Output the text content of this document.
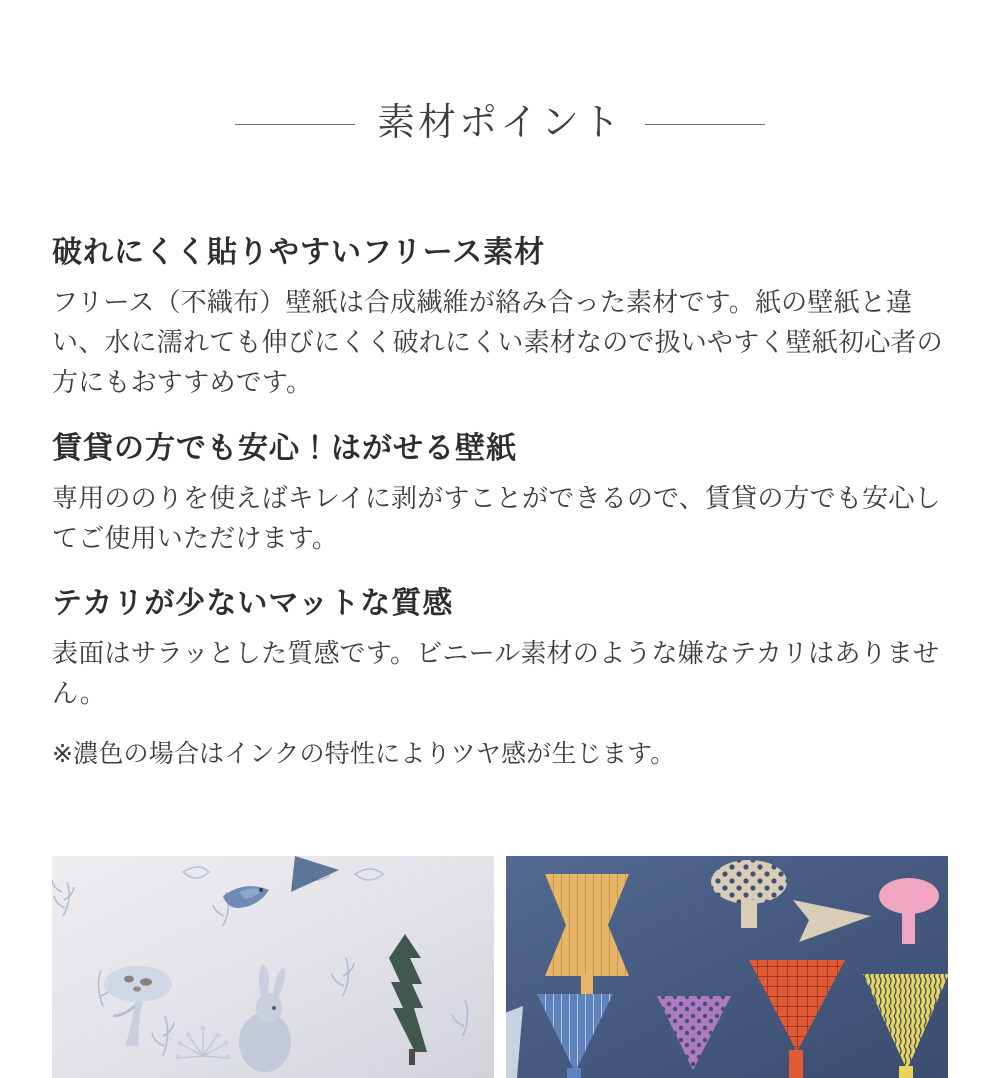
素材ポイント
破れにくく貼りやすいフリース素材

フリース（不織布）壁紙は合成繊維が絡み合った素材です。紙の壁紙と違い、水に濡れても伸びにくく破れにくい素材なので扱いやすく壁紙初心者の方にもおすすめです。

賃貸の方でも安心！はがせる壁紙

専用ののりを使えばキレイに剥がすことができるので、賃貸の方でも安心してご使用いただけます。

テカリが少ないマットな質感

表面はサラッとした質感です。ビニール素材のような嫌なテカリはありません。

※濃色の場合はインクの特性によりツヤ感が生じます。
